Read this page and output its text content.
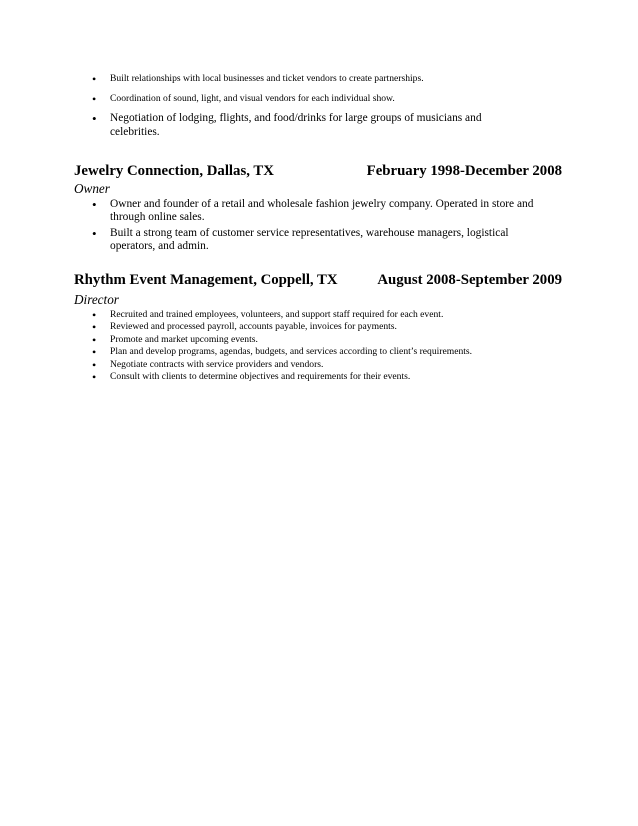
• Built relationships with local businesses and ticket vendors to create partnerships.
• Coordination of sound, light, and visual vendors for each individual show.
• Negotiation of lodging, flights, and food/drinks for large groups of musicians and celebrities.
Jewelry Connection, Dallas, TX	February 1998-December 2008
Owner
• Owner and founder of a retail and wholesale fashion jewelry company. Operated in store and through online sales.
• Built a strong team of customer service representatives, warehouse managers, logistical operators, and admin.
Rhythm Event Management, Coppell, TX	August 2008-September 2009
Director
• Recruited and trained employees, volunteers, and support staff required for each event.
• Reviewed and processed payroll, accounts payable, invoices for payments.
• Promote and market upcoming events.
• Plan and develop programs, agendas, budgets, and services according to client’s requirements.
• Negotiate contracts with service providers and vendors.
• Consult with clients to determine objectives and requirements for their events.
